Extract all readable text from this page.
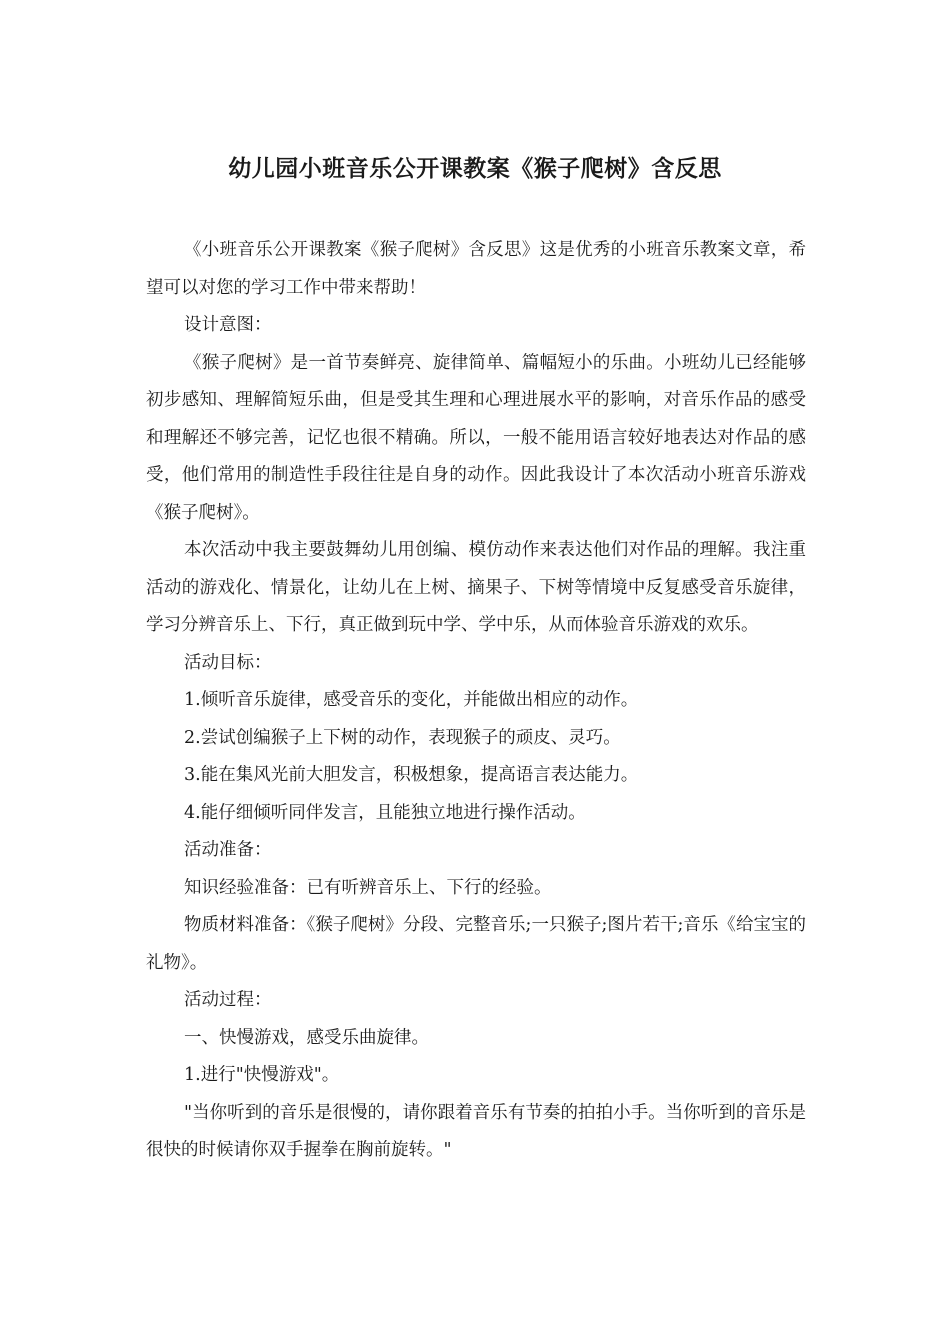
幼儿园小班音乐公开课教案《猴子爬树》含反思

《小班音乐公开课教案《猴子爬树》含反思》这是优秀的小班音乐教案文章，希望可以对您的学习工作中带来帮助！

设计意图：

《猴子爬树》是一首节奏鲜亮、旋律简单、篇幅短小的乐曲。小班幼儿已经能够初步感知、理解简短乐曲，但是受其生理和心理进展水平的影响，对音乐作品的感受和理解还不够完善，记忆也很不精确。所以，一般不能用语言较好地表达对作品的感受，他们常用的制造性手段往往是自身的动作。因此我设计了本次活动小班音乐游戏《猴子爬树》。

本次活动中我主要鼓舞幼儿用创编、模仿动作来表达他们对作品的理解。我注重活动的游戏化、情景化，让幼儿在上树、摘果子、下树等情境中反复感受音乐旋律，学习分辨音乐上、下行，真正做到玩中学、学中乐，从而体验音乐游戏的欢乐。

活动目标：

1.倾听音乐旋律，感受音乐的变化，并能做出相应的动作。

2.尝试创编猴子上下树的动作，表现猴子的顽皮、灵巧。

3.能在集风光前大胆发言，积极想象，提高语言表达能力。

4.能仔细倾听同伴发言，且能独立地进行操作活动。

活动准备：

知识经验准备：已有听辨音乐上、下行的经验。

物质材料准备：《猴子爬树》分段、完整音乐;一只猴子;图片若干;音乐《给宝宝的礼物》。

活动过程：

一、快慢游戏，感受乐曲旋律。

1.进行"快慢游戏"。

"当你听到的音乐是很慢的，请你跟着音乐有节奏的拍拍小手。当你听到的音乐是很快的时候请你双手握拳在胸前旋转。"
